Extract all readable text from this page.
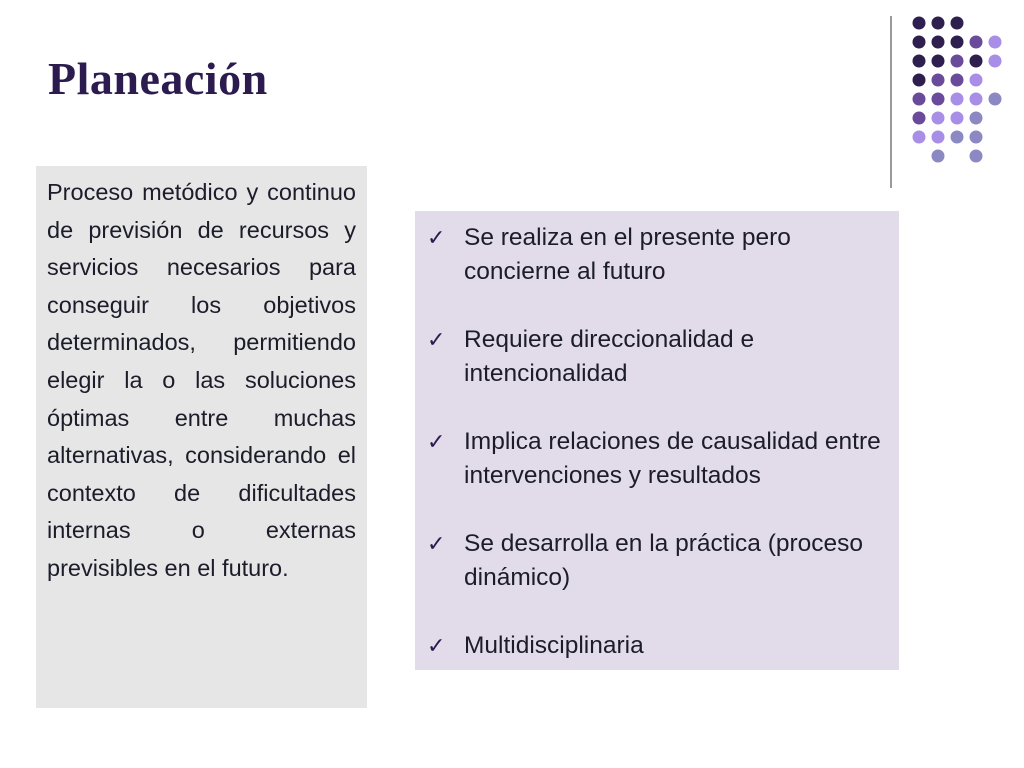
Planeación

Proceso metódico y continuo de previsión de recursos y servicios necesarios para conseguir los objetivos determinados, permitiendo elegir la o las soluciones óptimas entre muchas alternativas, considerando el contexto de dificultades internas o externas previsibles en el futuro.

✓ Se realiza en el presente pero concierne al futuro
✓ Requiere direccionalidad e intencionalidad
✓ Implica relaciones de causalidad entre intervenciones y resultados
✓ Se desarrolla en la práctica (proceso dinámico)
✓ Multidisciplinaria
